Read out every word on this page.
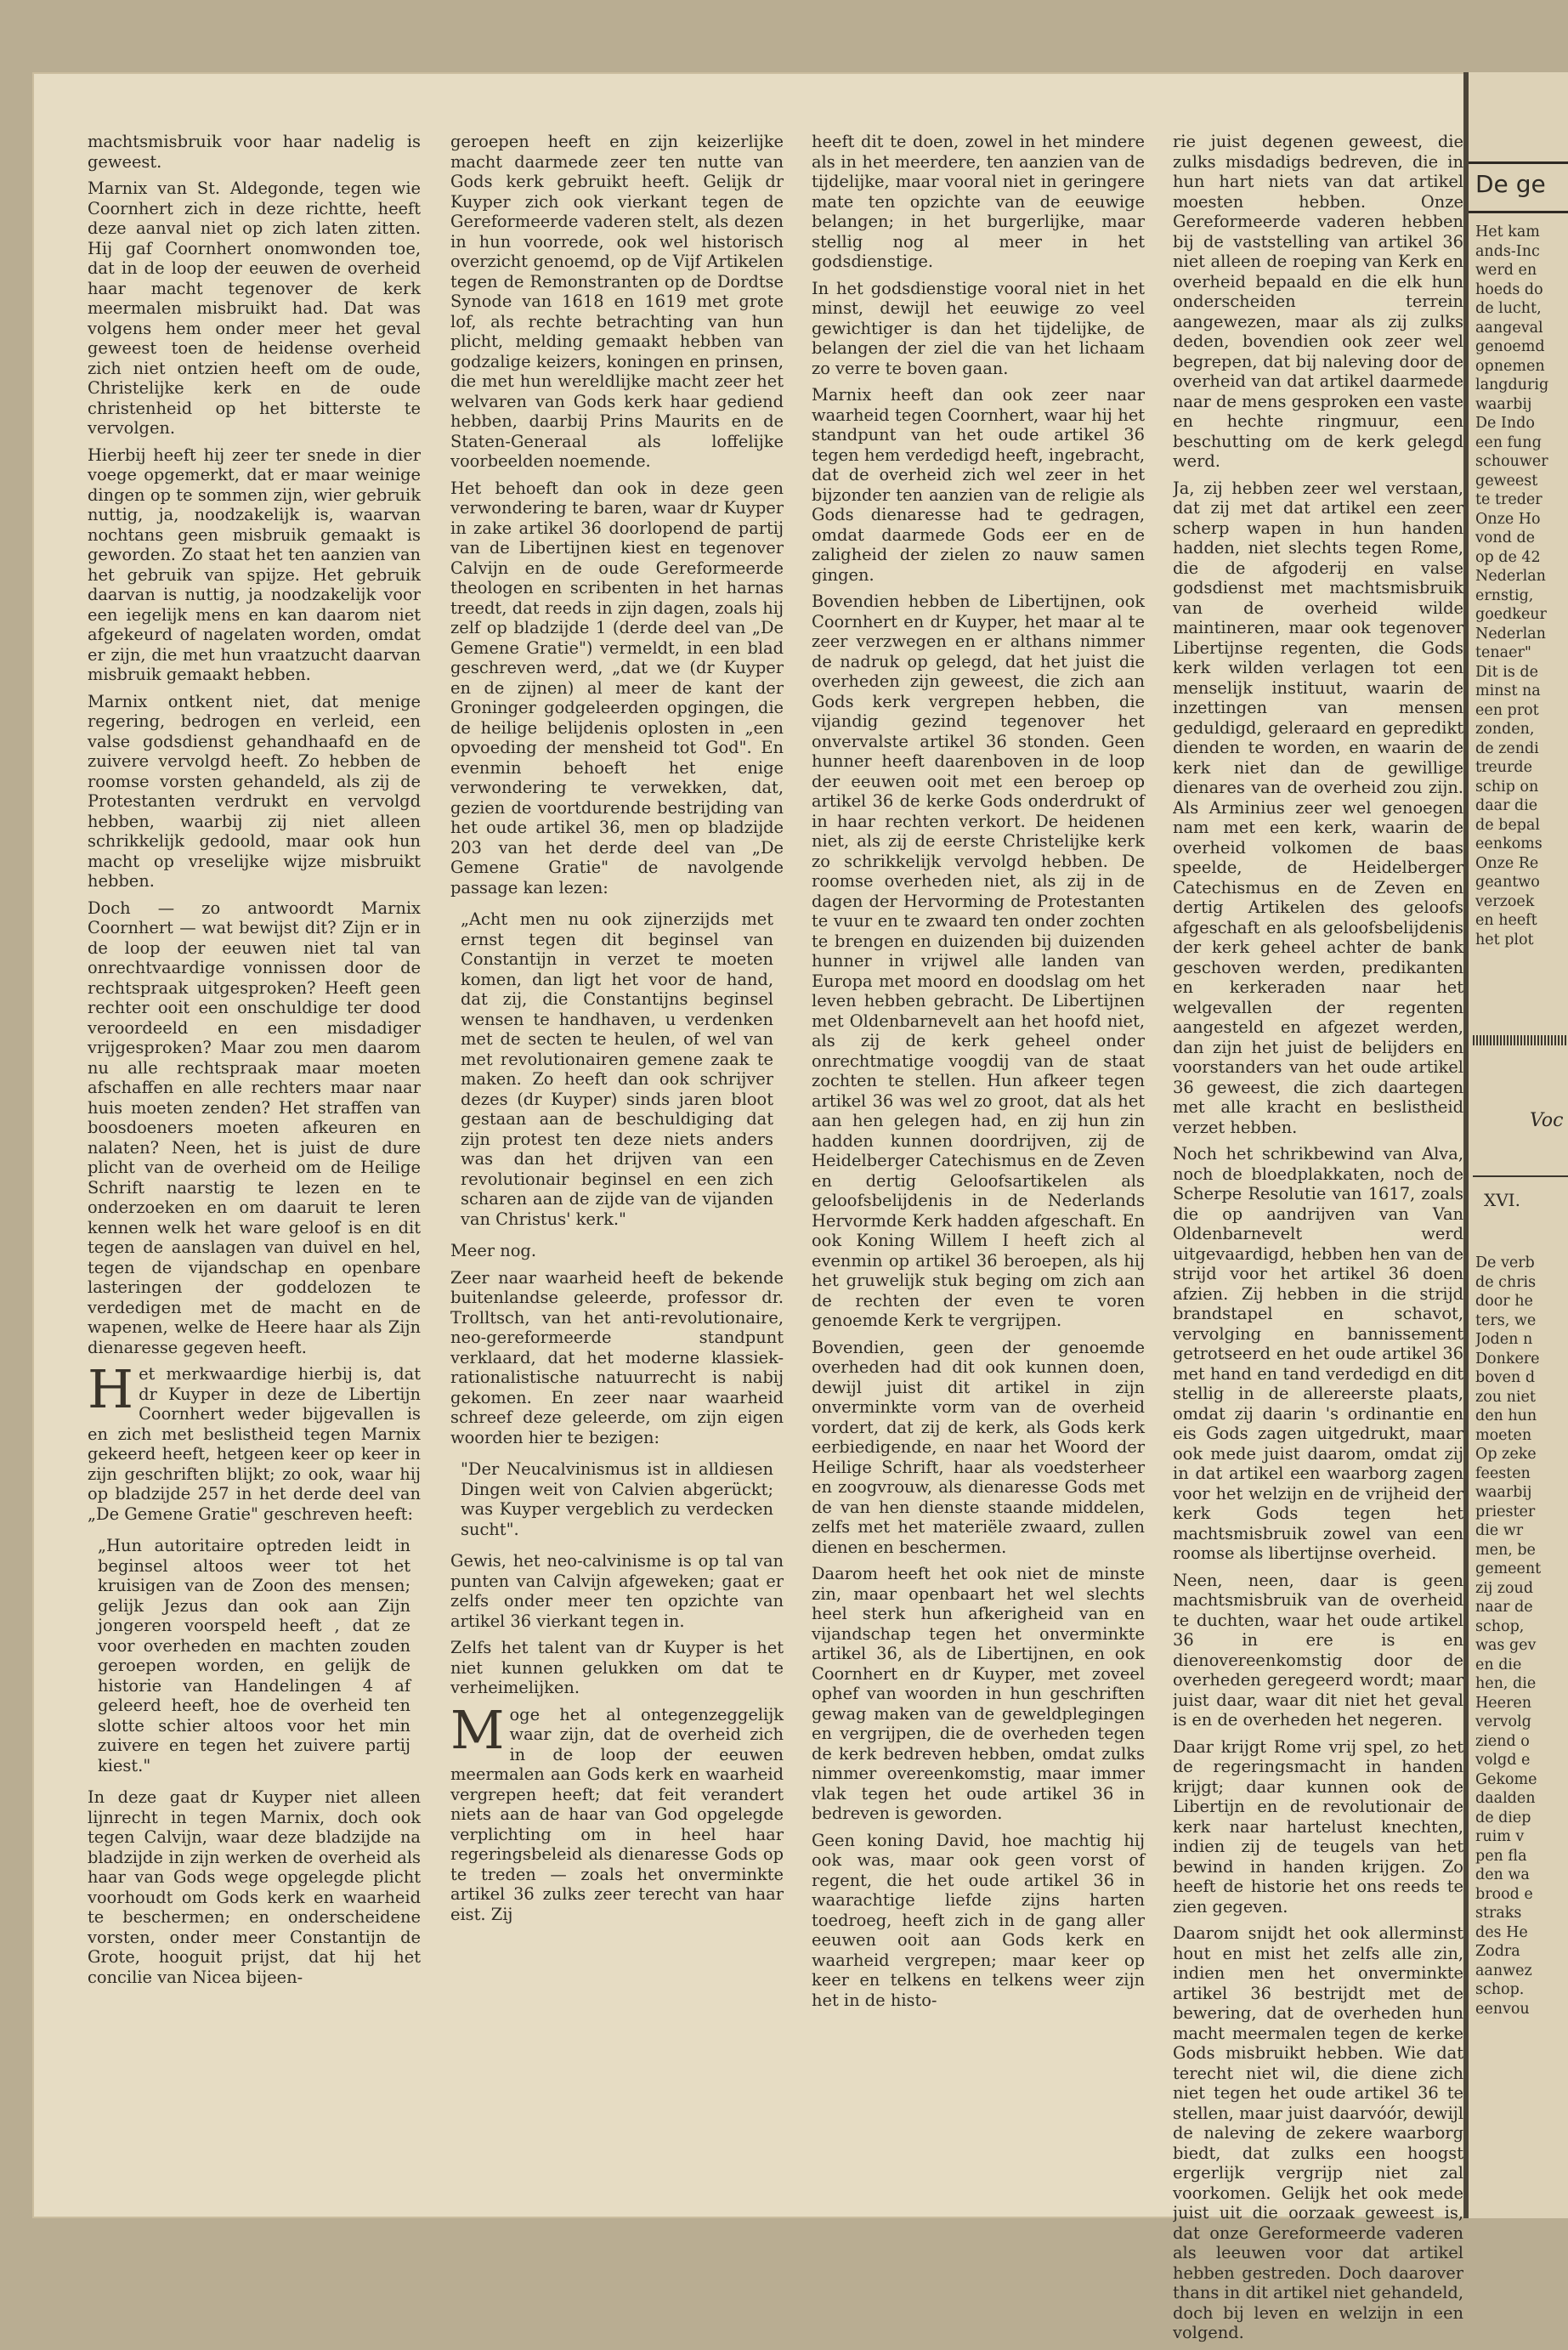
machtsmisbruik voor haar nadelig is geweest.

Marnix van St. Aldegonde, tegen wie Coornhert zich in deze richtte, heeft deze aanval niet op zich laten zitten. Hij gaf Coornhert onomwonden toe, dat in de loop der eeuwen de overheid haar macht tegenover de kerk meermalen misbruikt had. Dat was volgens hem onder meer het geval geweest toen de heidense overheid zich niet ontzien heeft om de oude, Christelijke kerk en de oude christenheid op het bitterste te vervolgen.

Hierbij heeft hij zeer ter snede in dier voege opgemerkt, dat er maar weinige dingen op te sommen zijn, wier gebruik nuttig, ja, noodzakelijk is, waarvan nochtans geen misbruik gemaakt is geworden. Zo staat het ten aanzien van het gebruik van spijze. Het gebruik daarvan is nuttig, ja noodzakelijk voor een iegelijk mens en kan daarom niet afgekeurd of nagelaten worden, omdat er zijn, die met hun vraatzucht daarvan misbruik gemaakt hebben.

Marnix ontkent niet, dat menige regering, bedrogen en verleid, een valse godsdienst gehandhaafd en de zuivere vervolgd heeft. Zo hebben de roomse vorsten gehandeld, als zij de Protestanten verdrukt en vervolgd hebben, waarbij zij niet alleen schrikkelijk gedoold, maar ook hun macht op vreselijke wijze misbruikt hebben.

Doch — zo antwoordt Marnix Coornhert — wat bewijst dit? Zijn er in de loop der eeuwen niet tal van onrechtvaardige vonnissen door de rechtspraak uitgesproken? Heeft geen rechter ooit een onschuldige ter dood veroordeeld en een misdadiger vrijgesproken? Maar zou men daarom nu alle rechtspraak maar moeten afschaffen en alle rechters maar naar huis moeten zenden? Het straffen van boosdoeners moeten afkeuren en nalaten? Neen, het is juist de dure plicht van de overheid om de Heilige Schrift naarstig te lezen en te onderzoeken en om daaruit te leren kennen welk het ware geloof is en dit tegen de aanslagen van duivel en hel, tegen de vijandschap en openbare lasteringen der goddelozen te verdedigen met de macht en de wapenen, welke de Heere haar als Zijn dienaresse gegeven heeft.

Het merkwaardige hierbij is, dat dr Kuyper in deze de Libertijn Coornhert weder bijgevallen is en zich met beslistheid tegen Marnix gekeerd heeft, hetgeen keer op keer in zijn geschriften blijkt; zo ook, waar hij op bladzijde 257 in het derde deel van „De Gemene Gratie" geschreven heeft:

„Hun autoritaire optreden leidt in beginsel altoos weer tot het kruisigen van de Zoon des mensen; gelijk Jezus dan ook aan Zijn jongeren voorspeld heeft , dat ze voor overheden en machten zouden geroepen worden, en gelijk de historie van Handelingen 4 af geleerd heeft, hoe de overheid ten slotte schier altoos voor het min zuivere en tegen het zuivere partij kiest."

In deze gaat dr Kuyper niet alleen lijnrecht in tegen Marnix, doch ook tegen Calvijn, waar deze bladzijde na bladzijde in zijn werken de overheid als haar van Gods wege opgelegde plicht voorhoudt om Gods kerk en waarheid te beschermen; en onderscheidene vorsten, onder meer Constantijn de Grote, hooguit prijst, dat hij het concilie van Nicea bijeen-

geroepen heeft en zijn keizerlijke macht daarmede zeer ten nutte van Gods kerk gebruikt heeft. Gelijk dr Kuyper zich ook vierkant tegen de Gereformeerde vaderen stelt, als dezen in hun voorrede, ook wel historisch overzicht genoemd, op de Vijf Artikelen tegen de Remonstranten op de Dordtse Synode van 1618 en 1619 met grote lof, als rechte betrachting van hun plicht, melding gemaakt hebben van godzalige keizers, koningen en prinsen, die met hun wereldlijke macht zeer het welvaren van Gods kerk haar gediend hebben, daarbij Prins Maurits en de Staten-Generaal als loffelijke voorbeelden noemende.

Het behoeft dan ook in deze geen verwondering te baren, waar dr Kuyper in zake artikel 36 doorlopend de partij van de Libertijnen kiest en tegenover Calvijn en de oude Gereformeerde theologen en scribenten in het harnas treedt, dat reeds in zijn dagen, zoals hij zelf op bladzijde 1 (derde deel van „De Gemene Gratie") vermeldt, in een blad geschreven werd, „dat we (dr Kuyper en de zijnen) al meer de kant der Groninger godgeleerden opgingen, die de heilige belijdenis oplosten in „een opvoeding der mensheid tot God". En evenmin behoeft het enige verwondering te verwekken, dat, gezien de voortdurende bestrijding van het oude artikel 36, men op bladzijde 203 van het derde deel van „De Gemene Gratie" de navolgende passage kan lezen:

„Acht men nu ook zijnerzijds met ernst tegen dit beginsel van Constantijn in verzet te moeten komen, dan ligt het voor de hand, dat zij, die Constantijns beginsel wensen te handhaven, u verdenken met de secten te heulen, of wel van met revolutionairen gemene zaak te maken. Zo heeft dan ook schrijver dezes (dr Kuyper) sinds jaren bloot gestaan aan de beschuldiging dat zijn protest ten deze niets anders was dan het drijven van een revolutionair beginsel en een zich scharen aan de zijde van de vijanden van Christus' kerk."

Meer nog.

Zeer naar waarheid heeft de bekende buitenlandse geleerde, professor dr. Trolltsch, van het anti-revolutionaire, neo-gereformeerde standpunt verklaard, dat het moderne klassiek-rationalistische natuurrecht is nabij gekomen. En zeer naar waarheid schreef deze geleerde, om zijn eigen woorden hier te bezigen:

"Der Neucalvinismus ist in alldiesen Dingen weit von Calvien abgerückt; was Kuyper vergeblich zu verdecken sucht".

Gewis, het neo-calvinisme is op tal van punten van Calvijn afgeweken; gaat er zelfs onder meer ten opzichte van artikel 36 vierkant tegen in.

Zelfs het talent van dr Kuyper is het niet kunnen gelukken om dat te verheimelijken.

Moge het al ontegenzeggelijk waar zijn, dat de overheid zich in de loop der eeuwen meermalen aan Gods kerk en waarheid vergrepen heeft; dat feit verandert niets aan de haar van God opgelegde verplichting om in heel haar regeringsbeleid als dienaresse Gods op te treden — zoals het onverminkte artikel 36 zulks zeer terecht van haar eist. Zij

heeft dit te doen, zowel in het mindere als in het meerdere, ten aanzien van de tijdelijke, maar vooral niet in geringere mate ten opzichte van de eeuwige belangen; in het burgerlijke, maar stellig nog al meer in het godsdienstige.

In het godsdienstige vooral niet in het minst, dewijl het eeuwige zo veel gewichtiger is dan het tijdelijke, de belangen der ziel die van het lichaam zo verre te boven gaan.

Marnix heeft dan ook zeer naar waarheid tegen Coornhert, waar hij het standpunt van het oude artikel 36 tegen hem verdedigd heeft, ingebracht, dat de overheid zich wel zeer in het bijzonder ten aanzien van de religie als Gods dienaresse had te gedragen, omdat daarmede Gods eer en de zaligheid der zielen zo nauw samen gingen.

Bovendien hebben de Libertijnen, ook Coornhert en dr Kuyper, het maar al te zeer verzwegen en er althans nimmer de nadruk op gelegd, dat het juist die overheden zijn geweest, die zich aan Gods kerk vergrepen hebben, die vijandig gezind tegenover het onvervalste artikel 36 stonden. Geen hunner heeft daarenboven in de loop der eeuwen ooit met een beroep op artikel 36 de kerke Gods onderdrukt of in haar rechten verkort. De heidenen niet, als zij de eerste Christelijke kerk zo schrikkelijk vervolgd hebben. De roomse overheden niet, als zij in de dagen der Hervorming de Protestanten te vuur en te zwaard ten onder zochten te brengen en duizenden bij duizenden hunner in vrijwel alle landen van Europa met moord en doodslag om het leven hebben gebracht. De Libertijnen met Oldenbarnevelt aan het hoofd niet, als zij de kerk geheel onder onrechtmatige voogdij van de staat zochten te stellen. Hun afkeer tegen artikel 36 was wel zo groot, dat als het aan hen gelegen had, en zij hun zin hadden kunnen doordrijven, zij de Heidelberger Catechismus en de Zeven en dertig Geloofsartikelen als geloofsbelijdenis in de Nederlands Hervormde Kerk hadden afgeschaft. En ook Koning Willem I heeft zich al evenmin op artikel 36 beroepen, als hij het gruwelijk stuk beging om zich aan de rechten der even te voren genoemde Kerk te vergrijpen.

Bovendien, geen der genoemde overheden had dit ook kunnen doen, dewijl juist dit artikel in zijn onverminkte vorm van de overheid vordert, dat zij de kerk, als Gods kerk eerbiedigende, en naar het Woord der Heilige Schrift, haar als voedsterheer en zoogvrouw, als dienaresse Gods met de van hen dienste staande middelen, zelfs met het materiële zwaard, zullen dienen en beschermen.

Daarom heeft het ook niet de minste zin, maar openbaart het wel slechts heel sterk hun afkerigheid van en vijandschap tegen het onverminkte artikel 36, als de Libertijnen, en ook Coornhert en dr Kuyper, met zoveel ophef van woorden in hun geschriften gewag maken van de geweldplegingen en vergrijpen, die de overheden tegen de kerk bedreven hebben, omdat zulks nimmer overeenkomstig, maar immer vlak tegen het oude artikel 36 in bedreven is geworden.

Geen koning David, hoe machtig hij ook was, maar ook geen vorst of regent, die het oude artikel 36 in waarachtige liefde zijns harten toedroeg, heeft zich in de gang aller eeuwen ooit aan Gods kerk en waarheid vergrepen; maar keer op keer en telkens en telkens weer zijn het in de histo-

rie juist degenen geweest, die zulks misdadigs bedreven, die in hun hart niets van dat artikel moesten hebben. Onze Gereformeerde vaderen hebben bij de vaststelling van artikel 36 niet alleen de roeping van Kerk en overheid bepaald en die elk hun onderscheiden terrein aangewezen, maar als zij zulks deden, bovendien ook zeer wel begrepen, dat bij naleving door de overheid van dat artikel daarmede naar de mens gesproken een vaste en hechte ringmuur, een beschutting om de kerk gelegd werd.

Ja, zij hebben zeer wel verstaan, dat zij met dat artikel een zeer scherp wapen in hun handen hadden, niet slechts tegen Rome, die de afgoderij en valse godsdienst met machtsmisbruik van de overheid wilde maintineren, maar ook tegenover Libertijnse regenten, die Gods kerk wilden verlagen tot een menselijk instituut, waarin de inzettingen van mensen geduldigd, geleraard en gepredikt dienden te worden, en waarin de kerk niet dan de gewillige dienares van de overheid zou zijn. Als Arminius zeer wel genoegen nam met een kerk, waarin de overheid volkomen de baas speelde, de Heidelberger Catechismus en de Zeven en dertig Artikelen des geloofs afgeschaft en als geloofsbelijdenis der kerk geheel achter de bank geschoven werden, predikanten en kerkeraden naar het welgevallen der regenten aangesteld en afgezet werden, dan zijn het juist de belijders en voorstanders van het oude artikel 36 geweest, die zich daartegen met alle kracht en beslistheid verzet hebben.

Noch het schrikbewind van Alva, noch de bloedplakkaten, noch de Scherpe Resolutie van 1617, zoals die op aandrijven van Van Oldenbarnevelt werd uitgevaardigd, hebben hen van de strijd voor het artikel 36 doen afzien. Zij hebben in die strijd brandstapel en schavot, vervolging en bannissement getrotseerd en het oude artikel 36 met hand en tand verdedigd en dit stellig in de allereerste plaats, omdat zij daarin 's ordinantie en eis Gods zagen uitgedrukt, maar ook mede juist daarom, omdat zij in dat artikel een waarborg zagen voor het welzijn en de vrijheid der kerk Gods tegen het machtsmisbruik zowel van een roomse als libertijnse overheid.

Neen, neen, daar is geen machtsmisbruik van de overheid te duchten, waar het oude artikel 36 in ere is en dienovereenkomstig door de overheden geregeerd wordt; maar juist daar, waar dit niet het geval is en de overheden het negeren.

Daar krijgt Rome vrij spel, zo het de regeringsmacht in handen krijgt; daar kunnen ook de Libertijn en de revolutionair de kerk naar hartelust knechten, indien zij de teugels van het bewind in handen krijgen. Zo heeft de historie het ons reeds te zien gegeven.

Daarom snijdt het ook allerminst hout en mist het zelfs alle zin, indien men het onverminkte artikel 36 bestrijdt met de bewering, dat de overheden hun macht meermalen tegen de kerke Gods misbruikt hebben. Wie dat terecht niet wil, die diene zich niet tegen het oude artikel 36 te stellen, maar juist daarvóór, dewijl de naleving de zekere waarborg biedt, dat zulks een hoogst ergerlijk vergrijp niet zal voorkomen. Gelijk het ook mede juist uit die oorzaak geweest is, dat onze Gereformeerde vaderen als leeuwen voor dat artikel hebben gestreden. Doch daarover thans in dit artikel niet gehandeld, doch bij leven en welzijn in een volgend.

De ge
Het kam
ands-Inc
werd en
hoeds do
de lucht,
aangeval
genoemd
opnemen
langdurig
waarbij
De Indo
een fung
schouwer
geweest
te treder
Onze Ho
vond de
op de 42
Nederlan
ernstig,
goedkeur
Nederlan
tenaer"
Dit is de
minst na
een prot
zonden,
de zendi
treurde
schip on
daar die
de bepal
eenkoms
Onze Re
geantwo
verzoek
en heeft
het plot
Voc
XVI.
De verb
de chris
door he
ters, we
Joden n
Donkere
boven d
zou niet
den hun
moeten
Op zeke
feesten
waarbij
priester
die wr
men, be
gemeent
zij zoud
naar de
schop,
was gev
en die
hen, die
Heeren
vervolg
ziend o
volgd e
Gekome
daalden
de diep
ruim v
pen fla
den wa
brood e
straks
des He
Zodra
aanwez
schop.
eenvou
